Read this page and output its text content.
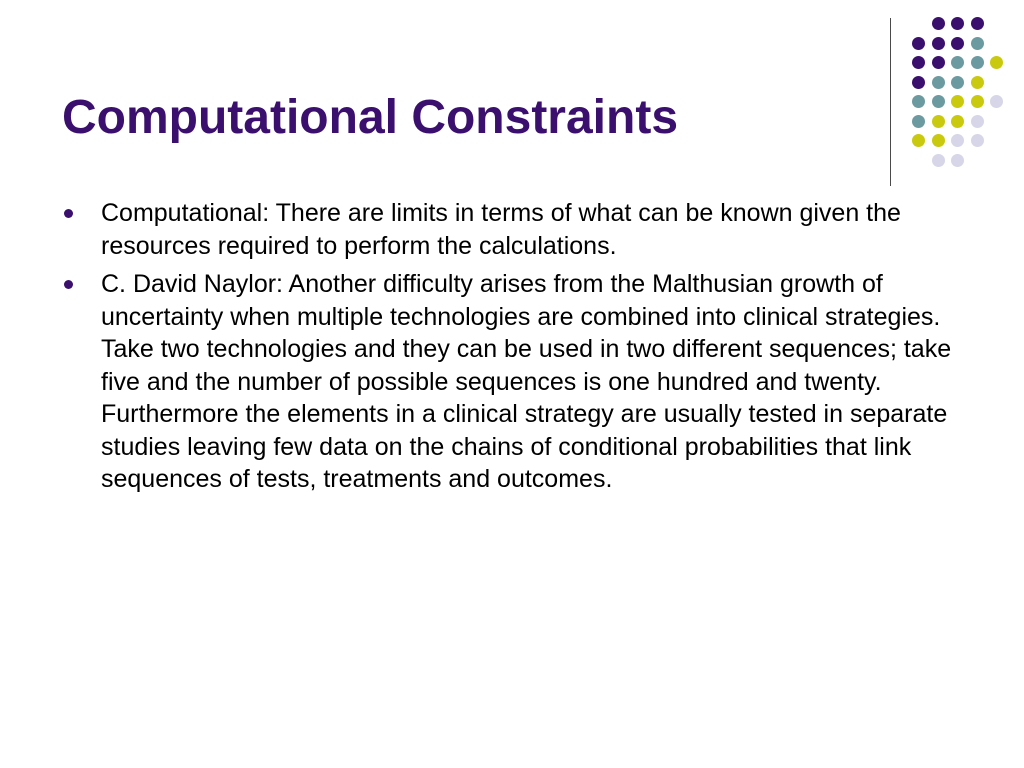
Computational Constraints
Computational: There are limits in terms of what can be known given the resources required to perform the calculations.
C. David Naylor: Another difficulty arises from the Malthusian growth of uncertainty when multiple technologies are combined into clinical strategies. Take two technologies and they can be used in two different sequences; take five and the number of possible sequences is one hundred and twenty. Furthermore the elements in a clinical strategy are usually tested in separate studies leaving few data on the chains of conditional probabilities that link sequences of tests, treatments and outcomes.
